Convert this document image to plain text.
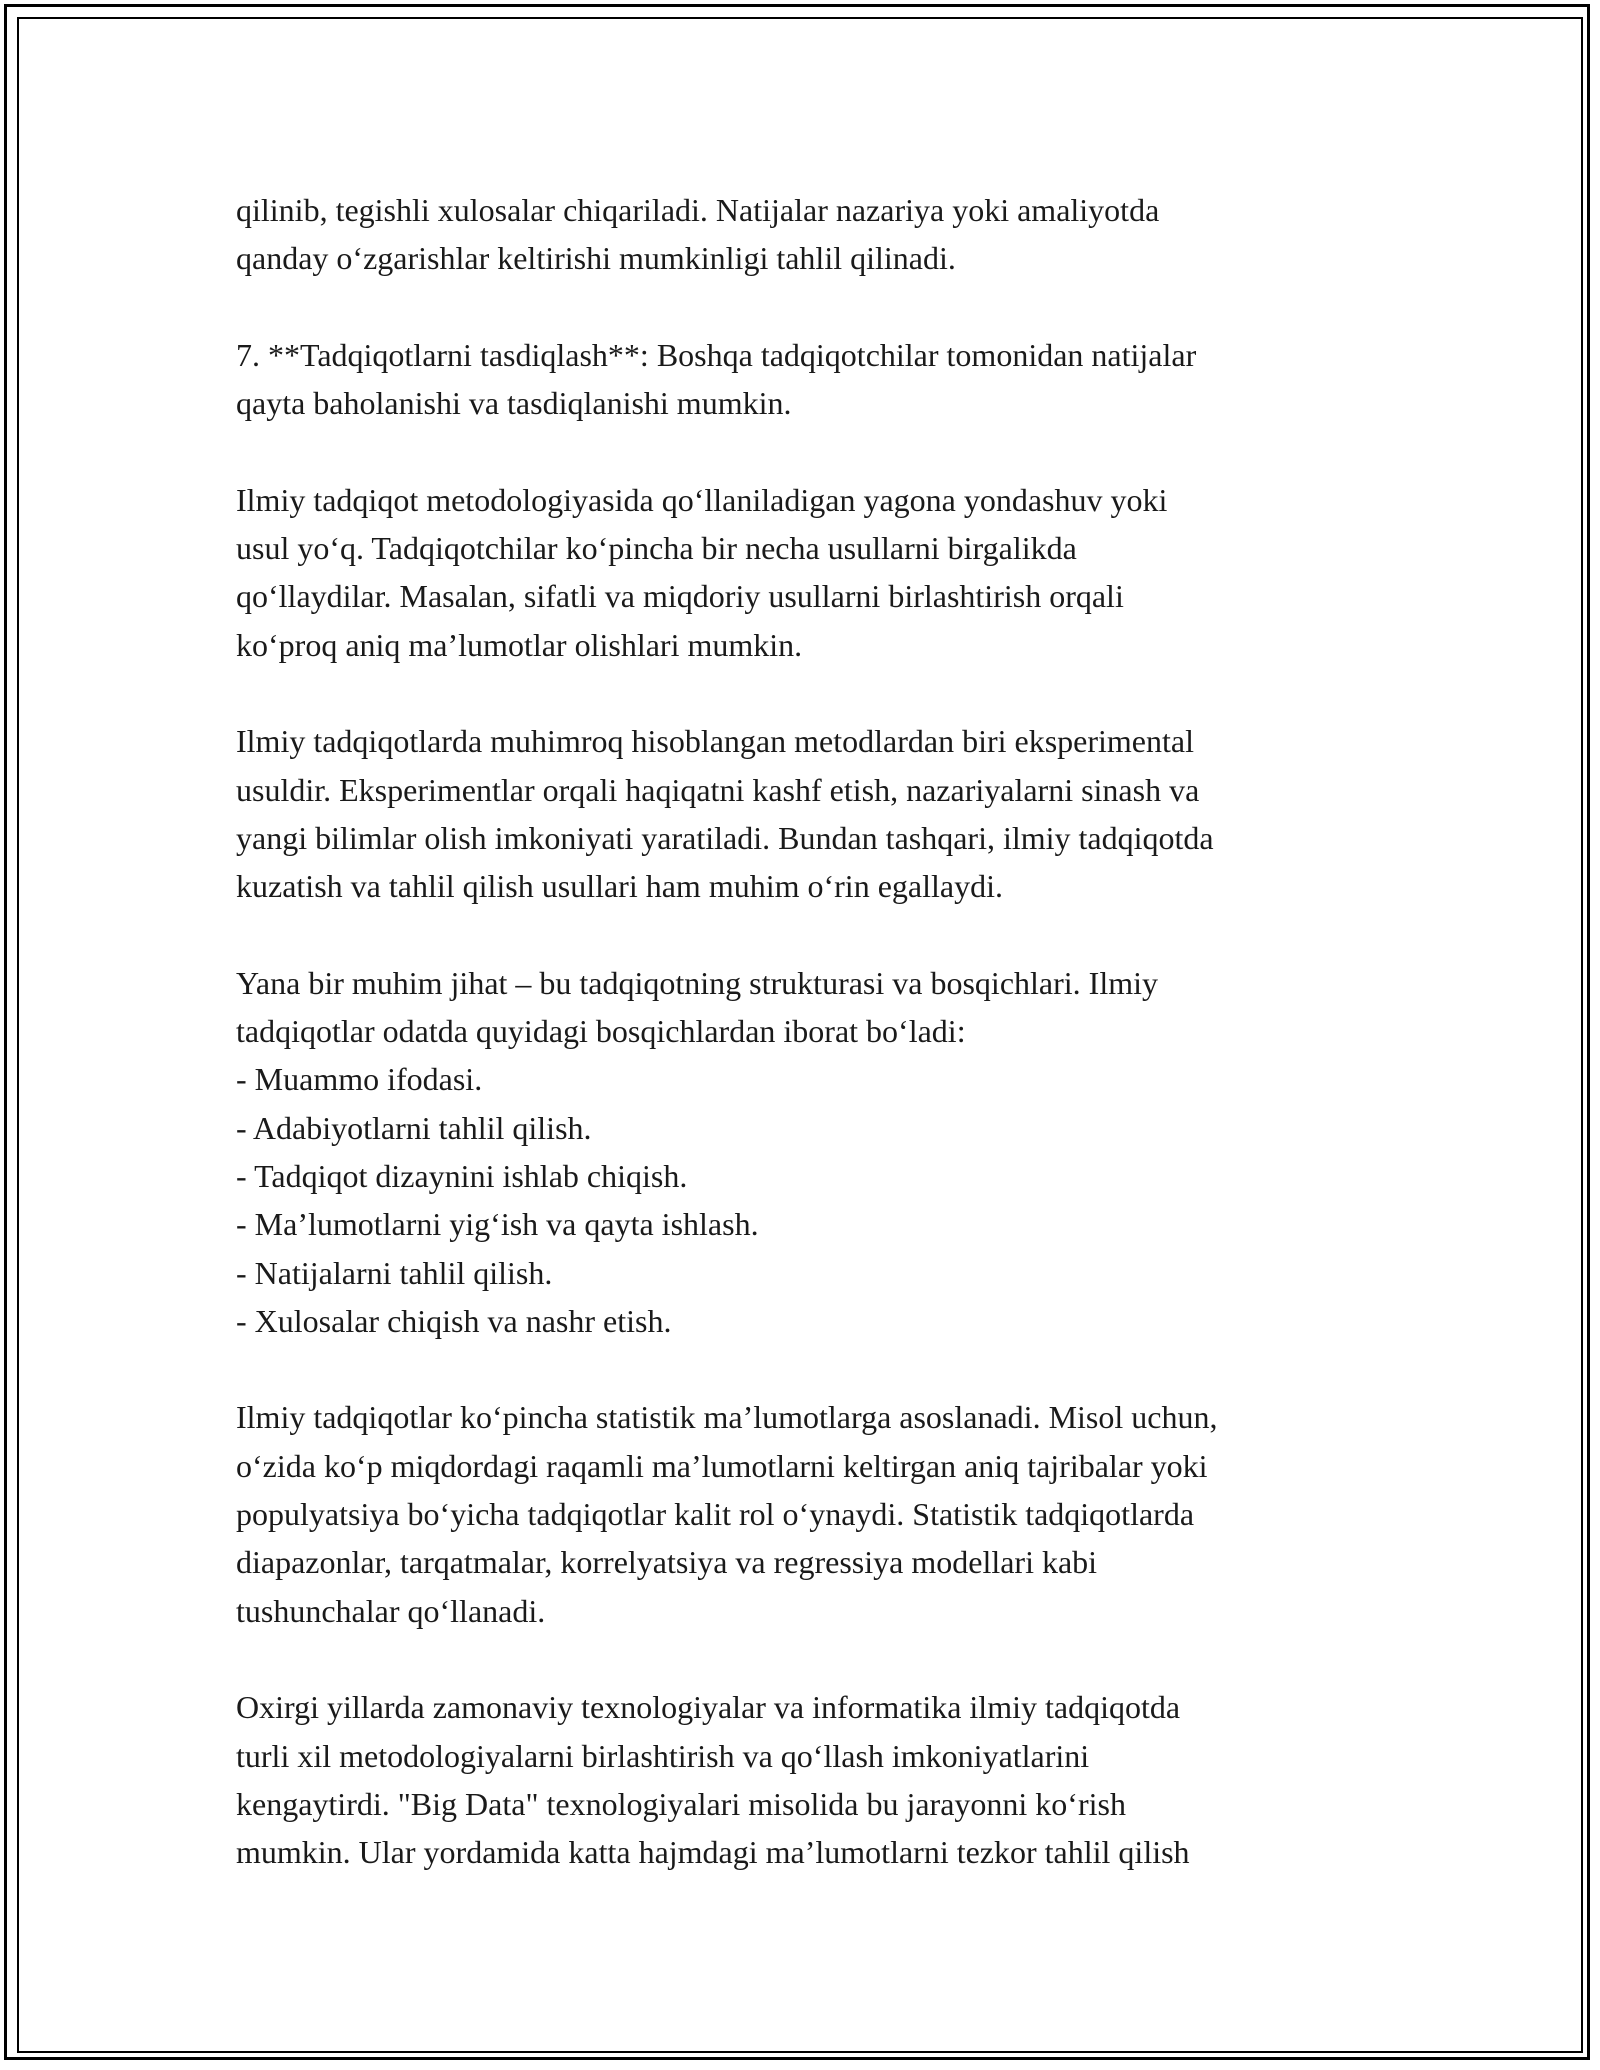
qilinib, tegishli xulosalar chiqariladi. Natijalar nazariya yoki amaliyotda
qanday o‘zgarishlar keltirishi mumkinligi tahlil qilinadi.

7. **Tadqiqotlarni tasdiqlash**: Boshqa tadqiqotchilar tomonidan natijalar
qayta baholanishi va tasdiqlanishi mumkin.

Ilmiy tadqiqot metodologiyasida qo‘llaniladigan yagona yondashuv yoki
usul yo‘q. Tadqiqotchilar ko‘pincha bir necha usullarni birgalikda
qo‘llaydilar. Masalan, sifatli va miqdoriy usullarni birlashtirish orqali
ko‘proq aniq ma’lumotlar olishlari mumkin.

Ilmiy tadqiqotlarda muhimroq hisoblangan metodlardan biri eksperimental
usuldir. Eksperimentlar orqali haqiqatni kashf etish, nazariyalarni sinash va
yangi bilimlar olish imkoniyati yaratiladi. Bundan tashqari, ilmiy tadqiqotda
kuzatish va tahlil qilish usullari ham muhim o‘rin egallaydi.

Yana bir muhim jihat – bu tadqiqotning strukturasi va bosqichlari. Ilmiy
tadqiqotlar odatda quyidagi bosqichlardan iborat bo‘ladi:
- Muammo ifodasi.
- Adabiyotlarni tahlil qilish.
- Tadqiqot dizaynini ishlab chiqish.
- Ma’lumotlarni yig‘ish va qayta ishlash.
- Natijalarni tahlil qilish.
- Xulosalar chiqish va nashr etish.

Ilmiy tadqiqotlar ko‘pincha statistik ma’lumotlarga asoslanadi. Misol uchun,
o‘zida ko‘p miqdordagi raqamli ma’lumotlarni keltirgan aniq tajribalar yoki
populyatsiya bo‘yicha tadqiqotlar kalit rol o‘ynaydi. Statistik tadqiqotlarda
diapazonlar, tarqatmalar, korrelyatsiya va regressiya modellari kabi
tushunchalar qo‘llanadi.

Oxirgi yillarda zamonaviy texnologiyalar va informatika ilmiy tadqiqotda
turli xil metodologiyalarni birlashtirish va qo‘llash imkoniyatlarini
kengaytirdi. "Big Data" texnologiyalari misolida bu jarayonni ko‘rish
mumkin. Ular yordamida katta hajmdagi ma’lumotlarni tezkor tahlil qilish
